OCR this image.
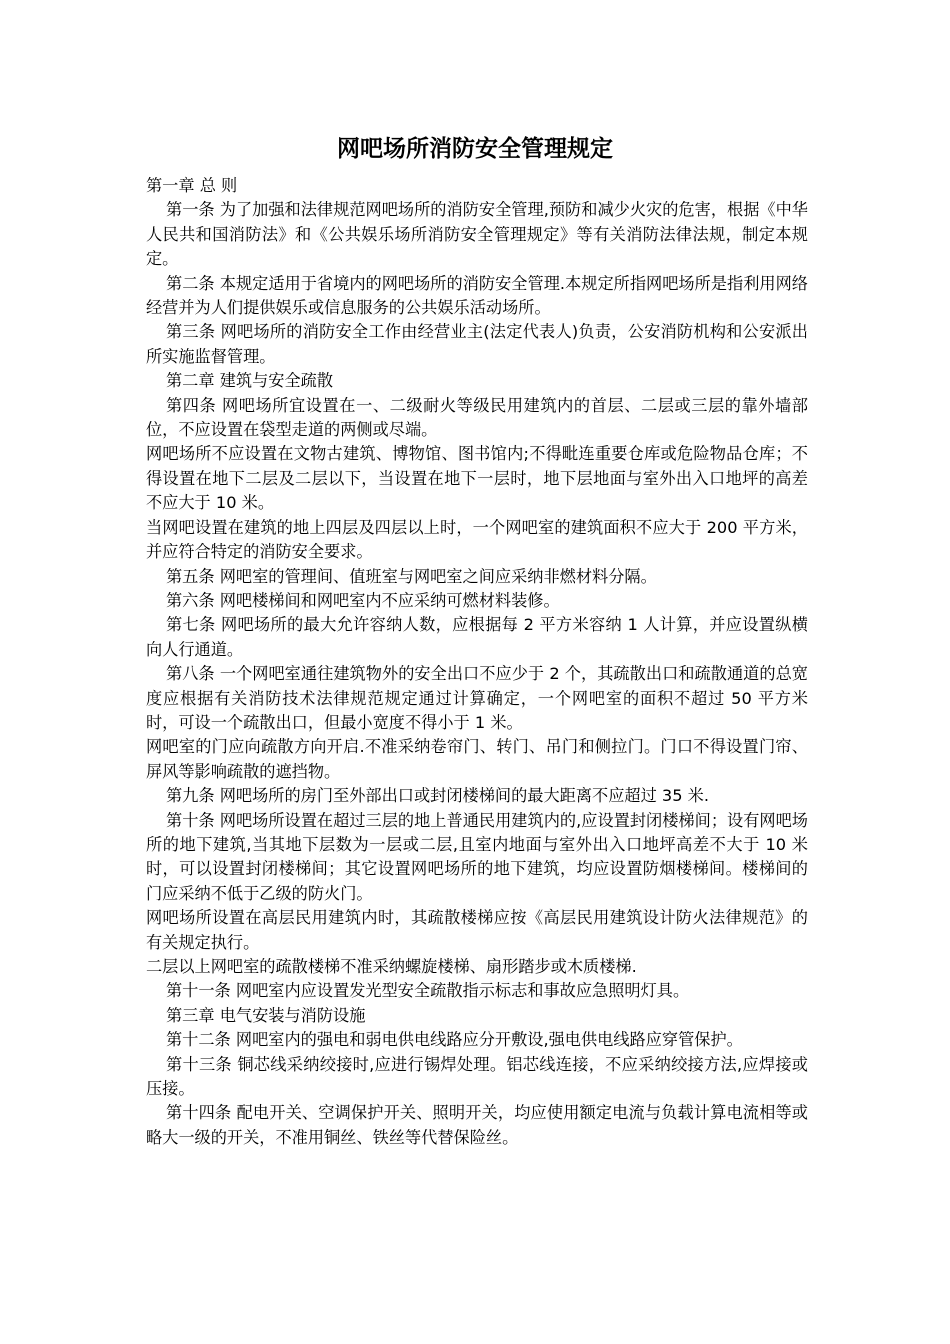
网吧场所消防安全管理规定

第一章 总 则

第一条 为了加强和法律规范网吧场所的消防安全管理,预防和减少火灾的危害，根据《中华人民共和国消防法》和《公共娱乐场所消防安全管理规定》等有关消防法律法规，制定本规定。

第二条 本规定适用于省境内的网吧场所的消防安全管理.本规定所指网吧场所是指利用网络经营并为人们提供娱乐或信息服务的公共娱乐活动场所。

第三条 网吧场所的消防安全工作由经营业主(法定代表人)负责，公安消防机构和公安派出所实施监督管理。

第二章 建筑与安全疏散

第四条 网吧场所宜设置在一、二级耐火等级民用建筑内的首层、二层或三层的靠外墙部位，不应设置在袋型走道的两侧或尽端。

网吧场所不应设置在文物古建筑、博物馆、图书馆内;不得毗连重要仓库或危险物品仓库；不得设置在地下二层及二层以下，当设置在地下一层时，地下层地面与室外出入口地坪的高差不应大于 10 米。

当网吧设置在建筑的地上四层及四层以上时，一个网吧室的建筑面积不应大于 200 平方米，并应符合特定的消防安全要求。

第五条 网吧室的管理间、值班室与网吧室之间应采纳非燃材料分隔。

第六条 网吧楼梯间和网吧室内不应采纳可燃材料装修。

第七条 网吧场所的最大允许容纳人数，应根据每 2 平方米容纳 1 人计算，并应设置纵横向人行通道。

第八条 一个网吧室通往建筑物外的安全出口不应少于 2 个，其疏散出口和疏散通道的总宽度应根据有关消防技术法律规范规定通过计算确定，一个网吧室的面积不超过 50 平方米时，可设一个疏散出口，但最小宽度不得小于 1 米。

网吧室的门应向疏散方向开启.不准采纳卷帘门、转门、吊门和侧拉门。门口不得设置门帘、屏风等影响疏散的遮挡物。

第九条 网吧场所的房门至外部出口或封闭楼梯间的最大距离不应超过 35 米.

第十条 网吧场所设置在超过三层的地上普通民用建筑内的,应设置封闭楼梯间；设有网吧场所的地下建筑,当其地下层数为一层或二层,且室内地面与室外出入口地坪高差不大于 10 米时，可以设置封闭楼梯间；其它设置网吧场所的地下建筑，均应设置防烟楼梯间。楼梯间的门应采纳不低于乙级的防火门。

网吧场所设置在高层民用建筑内时，其疏散楼梯应按《高层民用建筑设计防火法律规范》的有关规定执行。

二层以上网吧室的疏散楼梯不准采纳螺旋楼梯、扇形踏步或木质楼梯.

第十一条 网吧室内应设置发光型安全疏散指示标志和事故应急照明灯具。

第三章 电气安装与消防设施

第十二条 网吧室内的强电和弱电供电线路应分开敷设,强电供电线路应穿管保护。

第十三条 铜芯线采纳绞接时,应进行锡焊处理。铝芯线连接，不应采纳绞接方法,应焊接或压接。

第十四条 配电开关、空调保护开关、照明开关，均应使用额定电流与负载计算电流相等或略大一级的开关，不准用铜丝、铁丝等代替保险丝。
